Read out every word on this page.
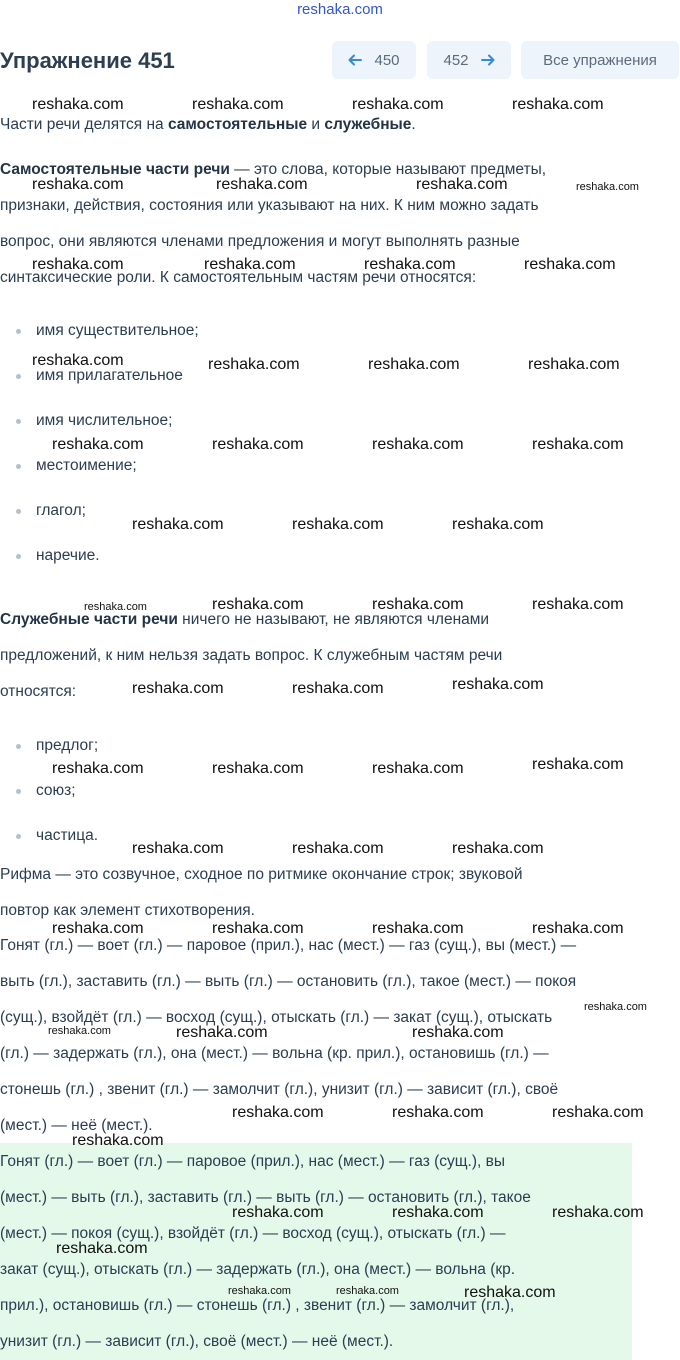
reshaka.com
Упражнение 451	450	452	Все упражнения

Части речи делятся на самостоятельные и служебные.

Самостоятельные части речи — это слова, которые называют предметы,

признаки, действия, состояния или указывают на них. К ним можно задать

вопрос, они являются членами предложения и могут выполнять разные

синтаксические роли. К самостоятельным частям речи относятся:

имя существительное;
имя прилагательное
имя числительное;
местоимение;
глагол;
наречие.

Служебные части речи ничего не называют, не являются членами

предложений, к ним нельзя задать вопрос. К служебным частям речи

относятся:

предлог;
союз;
частица.

Рифма — это созвучное, сходное по ритмике окончание строк; звуковой

повтор как элемент стихотворения.

Гонят (гл.) — воет (гл.) — паровое (прил.), нас (мест.) — газ (сущ.), вы (мест.) —

выть (гл.), заставить (гл.) — выть (гл.) — остановить (гл.), такое (мест.) — покоя

(сущ.), взойдёт (гл.) — восход (сущ.), отыскать (гл.) — закат (сущ.), отыскать

(гл.) — задержать (гл.), она (мест.) — вольна (кр. прил.), остановишь (гл.) —

стонешь (гл.) , звенит (гл.) — замолчит (гл.), унизит (гл.) — зависит (гл.), своё

(мест.) — неё (мест.).

Гонят (гл.) — воет (гл.) — паровое (прил.), нас (мест.) — газ (сущ.), вы

(мест.) — выть (гл.), заставить (гл.) — выть (гл.) — остановить (гл.), такое

(мест.) — покоя (сущ.), взойдёт (гл.) — восход (сущ.), отыскать (гл.) —

закат (сущ.), отыскать (гл.) — задержать (гл.), она (мест.) — вольна (кр.

прил.), остановишь (гл.) — стонешь (гл.) , звенит (гл.) — замолчит (гл.),

унизит (гл.) — зависит (гл.), своё (мест.) — неё (мест.).

reshaka.com	reshaka.com	reshaka.com	reshaka.com
reshaka.com	reshaka.com	reshaka.com	reshaka.com
reshaka.com	reshaka.com	reshaka.com	reshaka.com
reshaka.com	reshaka.com	reshaka.com	reshaka.com
reshaka.com	reshaka.com	reshaka.com	reshaka.com
reshaka.com	reshaka.com	reshaka.com
reshaka.com	reshaka.com	reshaka.com	reshaka.com
reshaka.com	reshaka.com	reshaka.com
reshaka.com	reshaka.com	reshaka.com	reshaka.com
reshaka.com	reshaka.com	reshaka.com
reshaka.com	reshaka.com	reshaka.com	reshaka.com
reshaka.com
reshaka.com	reshaka.com	reshaka.com
reshaka.com	reshaka.com	reshaka.com
reshaka.com
reshaka.com	reshaka.com	reshaka.com
reshaka.com
reshaka.com	reshaka.com	reshaka.com
